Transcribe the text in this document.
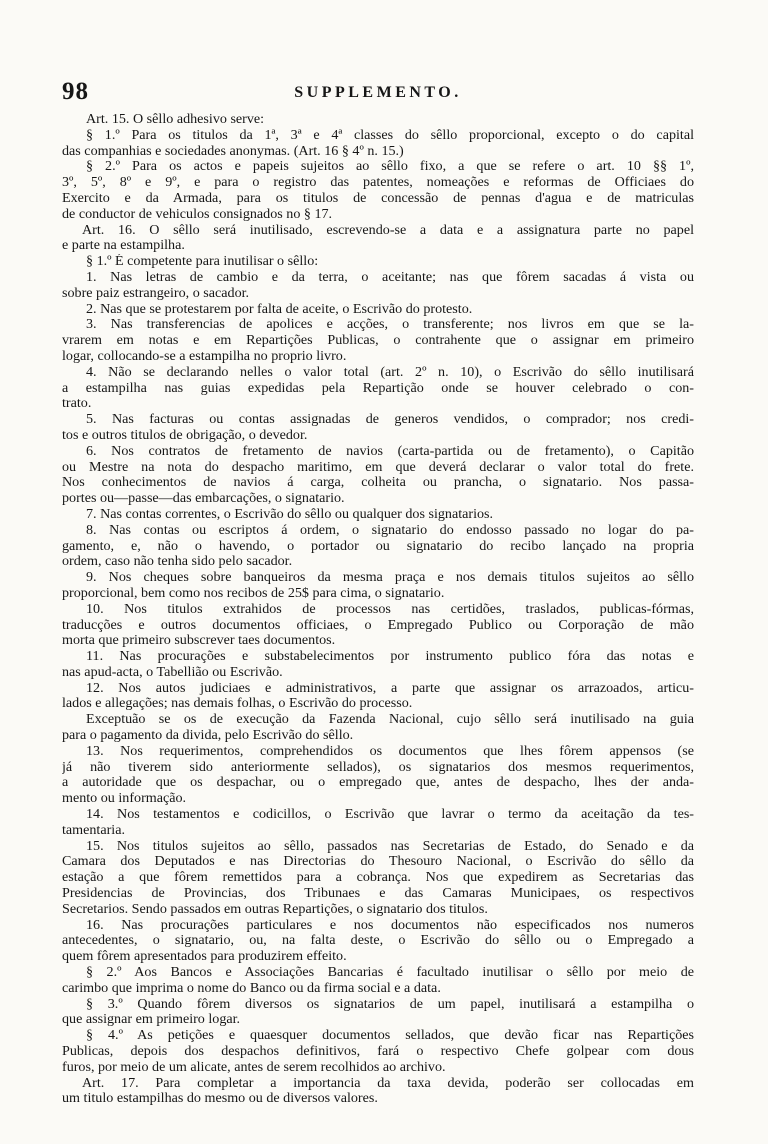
98	SUPPLEMENTO.
Art. 15. O sêllo adhesivo serve:
§ 1.º Para os titulos da 1ª, 3ª e 4ª classes do sêllo proporcional, excepto o do capital
das companhias e sociedades anonymas. (Art. 16 § 4º n. 15.)
§ 2.º Para os actos e papeis sujeitos ao sêllo fixo, a que se refere o art. 10 §§ 1º,
3º, 5º, 8º e 9º, e para o registro das patentes, nomeações e reformas de Officiaes do
Exercito e da Armada, para os titulos de concessão de pennas d'agua e de matriculas
de conductor de vehiculos consignados no § 17.
Art. 16. O sêllo será inutilisado, escrevendo-se a data e a assignatura parte no papel
e parte na estampilha.
§ 1.º É competente para inutilisar o sêllo:
1. Nas letras de cambio e da terra, o aceitante; nas que fôrem sacadas á vista ou
sobre paiz estrangeiro, o sacador.
2. Nas que se protestarem por falta de aceite, o Escrivão do protesto.
3. Nas transferencias de apolices e acções, o transferente; nos livros em que se la-
vrarem em notas e em Repartições Publicas, o contrahente que o assignar em primeiro
logar, collocando-se a estampilha no proprio livro.
4. Não se declarando nelles o valor total (art. 2º n. 10), o Escrivão do sêllo inutilisará
a estampilha nas guias expedidas pela Repartição onde se houver celebrado o con-
trato.
5. Nas facturas ou contas assignadas de generos vendidos, o comprador; nos credi-
tos e outros titulos de obrigação, o devedor.
6. Nos contratos de fretamento de navios (carta-partida ou de fretamento), o Capitão
ou Mestre na nota do despacho maritimo, em que deverá declarar o valor total do frete.
Nos conhecimentos de navios á carga, colheita ou prancha, o signatario. Nos passa-
portes ou—passe—das embarcações, o signatario.
7. Nas contas correntes, o Escrivão do sêllo ou qualquer dos signatarios.
8. Nas contas ou escriptos á ordem, o signatario do endosso passado no logar do pa-
gamento, e, não o havendo, o portador ou signatario do recibo lançado na propria
ordem, caso não tenha sido pelo sacador.
9. Nos cheques sobre banqueiros da mesma praça e nos demais titulos sujeitos ao sêllo
proporcional, bem como nos recibos de 25$ para cima, o signatario.
10. Nos titulos extrahidos de processos nas certidões, traslados, publicas-fórmas,
traducções e outros documentos officiaes, o Empregado Publico ou Corporação de mão
morta que primeiro subscrever taes documentos.
11. Nas procurações e substabelecimentos por instrumento publico fóra das notas e
nas apud-acta, o Tabellião ou Escrivão.
12. Nos autos judiciaes e administrativos, a parte que assignar os arrazoados, articu-
lados e allegações; nas demais folhas, o Escrivão do processo.
Exceptuão se os de execução da Fazenda Nacional, cujo sêllo será inutilisado na guia
para o pagamento da divida, pelo Escrivão do sêllo.
13. Nos requerimentos, comprehendidos os documentos que lhes fôrem appensos (se
já não tiverem sido anteriormente sellados), os signatarios dos mesmos requerimentos,
a autoridade que os despachar, ou o empregado que, antes de despacho, lhes der anda-
mento ou informação.
14. Nos testamentos e codicillos, o Escrivão que lavrar o termo da aceitação da tes-
tamentaria.
15. Nos titulos sujeitos ao sêllo, passados nas Secretarias de Estado, do Senado e da
Camara dos Deputados e nas Directorias do Thesouro Nacional, o Escrivão do sêllo da
estação a que fôrem remettidos para a cobrança. Nos que expedirem as Secretarias das
Presidencias de Provincias, dos Tribunaes e das Camaras Municipaes, os respectivos
Secretarios. Sendo passados em outras Repartições, o signatario dos titulos.
16. Nas procurações particulares e nos documentos não especificados nos numeros
antecedentes, o signatario, ou, na falta deste, o Escrivão do sêllo ou o Empregado a
quem fôrem apresentados para produzirem effeito.
§ 2.º Aos Bancos e Associações Bancarias é facultado inutilisar o sêllo por meio de
carimbo que imprima o nome do Banco ou da firma social e a data.
§ 3.º Quando fôrem diversos os signatarios de um papel, inutilisará a estampilha o
que assignar em primeiro logar.
§ 4.º As petições e quaesquer documentos sellados, que devão ficar nas Repartições
Publicas, depois dos despachos definitivos, fará o respectivo Chefe golpear com dous
furos, por meio de um alicate, antes de serem recolhidos ao archivo.
Art. 17. Para completar a importancia da taxa devida, poderão ser collocadas em
um titulo estampilhas do mesmo ou de diversos valores.
